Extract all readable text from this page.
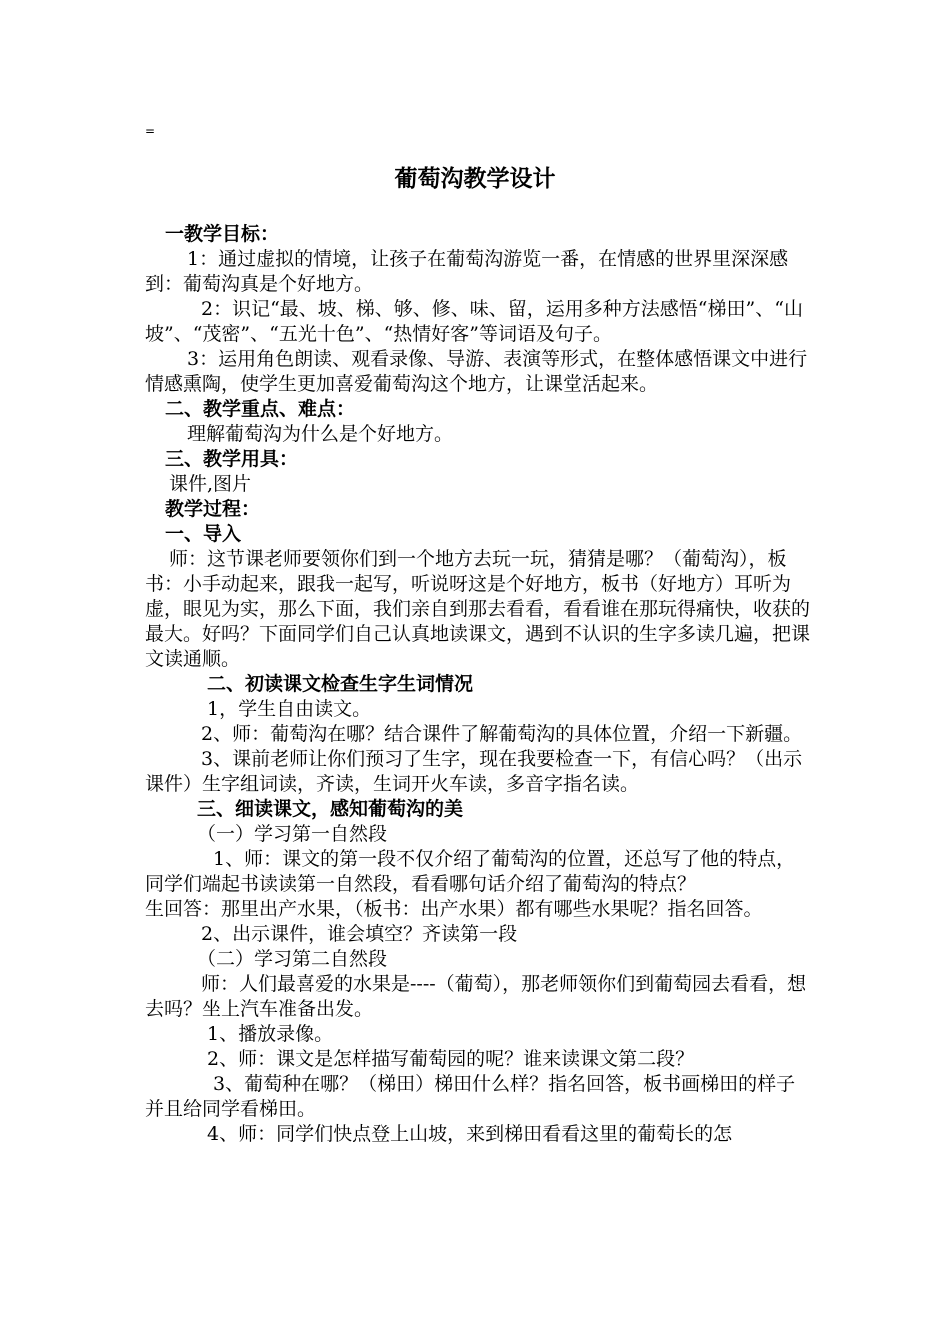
=
葡萄沟教学设计

一教学目标：

1：通过虚拟的情境，让孩子在葡萄沟游览一番，在情感的世界里深深感到：葡萄沟真是个好地方。

2：识记“最、坡、梯、够、修、味、留，运用多种方法感悟“梯田”、“山坡”、“茂密”、“五光十色”、“热情好客”等词语及句子。

3：运用角色朗读、观看录像、导游、表演等形式，在整体感悟课文中进行情感熏陶，使学生更加喜爱葡萄沟这个地方，让课堂活起来。

二、教学重点、难点：

理解葡萄沟为什么是个好地方。

三、教学用具：

课件,图片

教学过程：

一、导入

师：这节课老师要领你们到一个地方去玩一玩，猜猜是哪？（葡萄沟），板书：小手动起来，跟我一起写，听说呀这是个好地方，板书（好地方）耳听为虚，眼见为实，那么下面，我们亲自到那去看看，看看谁在那玩得痛快，收获的最大。好吗？下面同学们自己认真地读课文，遇到不认识的生字多读几遍，把课文读通顺。

二、初读课文检查生字生词情况

1，学生自由读文。

2、师：葡萄沟在哪？结合课件了解葡萄沟的具体位置，介绍一下新疆。

3、课前老师让你们预习了生字，现在我要检查一下，有信心吗？（出示课件）生字组词读，齐读，生词开火车读，多音字指名读。

三、细读课文，感知葡萄沟的美

（一）学习第一自然段

1、师：课文的第一段不仅介绍了葡萄沟的位置，还总写了他的特点，同学们端起书读读第一自然段，看看哪句话介绍了葡萄沟的特点？

生回答：那里出产水果，（板书：出产水果）都有哪些水果呢？指名回答。

2、出示课件，谁会填空？齐读第一段

（二）学习第二自然段

师：人们最喜爱的水果是----（葡萄），那老师领你们到葡萄园去看看，想去吗？坐上汽车准备出发。

1、播放录像。

2、师：课文是怎样描写葡萄园的呢？谁来读课文第二段？

3、葡萄种在哪？（梯田）梯田什么样？指名回答，板书画梯田的样子并且给同学看梯田。

4、师：同学们快点登上山坡，来到梯田看看这里的葡萄长的怎
